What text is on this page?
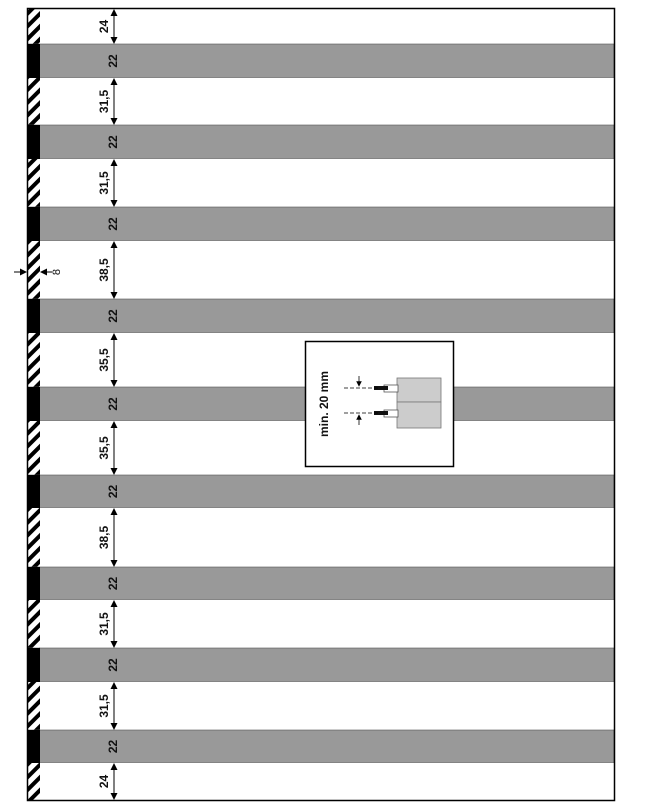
24
22
31,5
22
31,5
22
38,5
22
35,5
22
35,5
22
38,5
22
31,5
22
31,5
22
24
8
min. 20 mm
